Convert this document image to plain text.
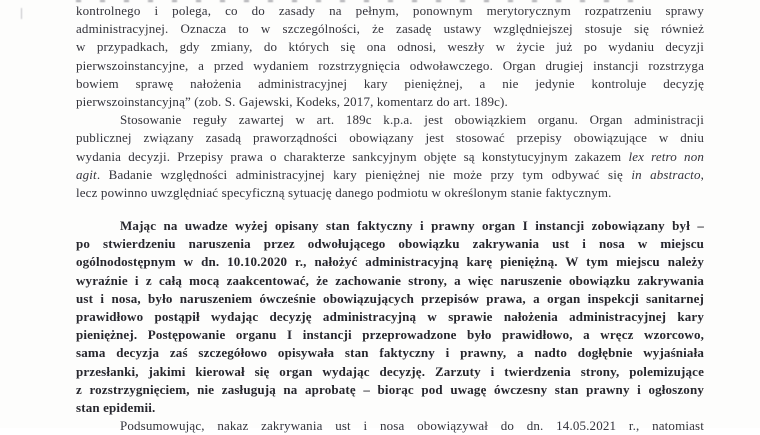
kontrolnego i polega, co do zasady na pełnym, ponownym merytorycznym rozpatrzeniu sprawy
administracyjnej. Oznacza to w szczególności, że zasadę ustawy względniejszej stosuje się również
w przypadkach, gdy zmiany, do których się ona odnosi, weszły w życie już po wydaniu decyzji
pierwszoinstancyjne, a przed wydaniem rozstrzygnięcia odwoławczego. Organ drugiej instancji rozstrzyga
bowiem sprawę nałożenia administracyjnej kary pieniężnej, a nie jedynie kontroluje decyzję
pierwszoinstancyjną” (zob. S. Gajewski, Kodeks, 2017, komentarz do art. 189c).
Stosowanie reguły zawartej w art. 189c k.p.a. jest obowiązkiem organu. Organ administracji
publicznej związany zasadą praworządności obowiązany jest stosować przepisy obowiązujące w dniu
wydania decyzji. Przepisy prawa o charakterze sankcyjnym objęte są konstytucyjnym zakazem lex retro non
agit. Badanie względności administracyjnej kary pieniężnej nie może przy tym odbywać się in abstracto,
lecz powinno uwzględniać specyficzną sytuację danego podmiotu w określonym stanie faktycznym.
Mając na uwadze wyżej opisany stan faktyczny i prawny organ I instancji zobowiązany był –
po stwierdzeniu naruszenia przez odwołującego obowiązku zakrywania ust i nosa w miejscu
ogólnodostępnym w dn. 10.10.2020 r., nałożyć administracyjną karę pieniężną. W tym miejscu należy
wyraźnie i z całą mocą zaakcentować, że zachowanie strony, a więc naruszenie obowiązku zakrywania
ust i nosa, było naruszeniem ówcześnie obowiązujących przepisów prawa, a organ inspekcji sanitarnej
prawidłowo postąpił wydając decyzję administracyjną w sprawie nałożenia administracyjnej kary
pieniężnej. Postępowanie organu I instancji przeprowadzone było prawidłowo, a wręcz wzorcowo,
sama decyzja zaś szczegółowo opisywała stan faktyczny i prawny, a nadto dogłębnie wyjaśniała
przesłanki, jakimi kierował się organ wydając decyzję. Zarzuty i twierdzenia strony, polemizujące
z rozstrzygnięciem, nie zasługują na aprobatę – biorąc pod uwagę ówczesny stan prawny i ogłoszony
stan epidemii.
Podsumowując, nakaz zakrywania ust i nosa obowiązywał do dn. 14.05.2021 r., natomiast
